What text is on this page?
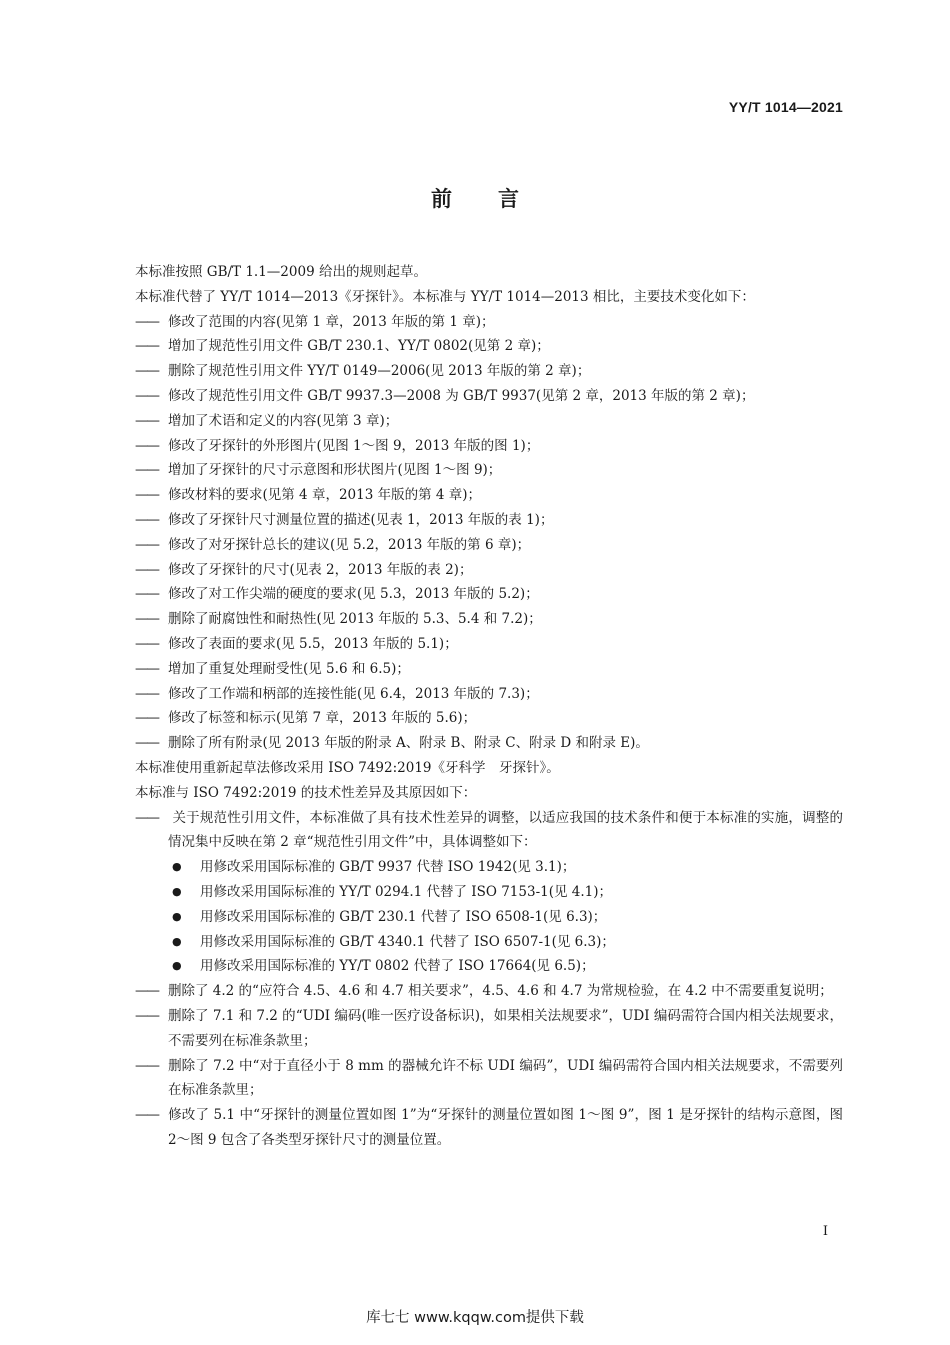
YY/T 1014—2021
前言

本标准按照 GB/T 1.1—2009 给出的规则起草。

本标准代替了 YY/T 1014—2013《牙探针》。本标准与 YY/T 1014—2013 相比，主要技术变化如下：

—— 修改了范围的内容(见第 1 章，2013 年版的第 1 章)；
—— 增加了规范性引用文件 GB/T 230.1、YY/T 0802(见第 2 章)；
—— 删除了规范性引用文件 YY/T 0149—2006(见 2013 年版的第 2 章)；
—— 修改了规范性引用文件 GB/T 9937.3—2008 为 GB/T 9937(见第 2 章，2013 年版的第 2 章)；
—— 增加了术语和定义的内容(见第 3 章)；
—— 修改了牙探针的外形图片(见图 1～图 9，2013 年版的图 1)；
—— 增加了牙探针的尺寸示意图和形状图片(见图 1～图 9)；
—— 修改材料的要求(见第 4 章，2013 年版的第 4 章)；
—— 修改了牙探针尺寸测量位置的描述(见表 1，2013 年版的表 1)；
—— 修改了对牙探针总长的建议(见 5.2，2013 年版的第 6 章)；
—— 修改了牙探针的尺寸(见表 2，2013 年版的表 2)；
—— 修改了对工作尖端的硬度的要求(见 5.3，2013 年版的 5.2)；
—— 删除了耐腐蚀性和耐热性(见 2013 年版的 5.3、5.4 和 7.2)；
—— 修改了表面的要求(见 5.5，2013 年版的 5.1)；
—— 增加了重复处理耐受性(见 5.6 和 6.5)；
—— 修改了工作端和柄部的连接性能(见 6.4，2013 年版的 7.3)；
—— 修改了标签和标示(见第 7 章，2013 年版的 5.6)；
—— 删除了所有附录(见 2013 年版的附录 A、附录 B、附录 C、附录 D 和附录 E)。

本标准使用重新起草法修改采用 ISO 7492:2019《牙科学　牙探针》。

本标准与 ISO 7492:2019 的技术性差异及其原因如下：

—— 关于规范性引用文件，本标准做了具有技术性差异的调整，以适应我国的技术条件和便于本标准的实施，调整的情况集中反映在第 2 章“规范性引用文件”中，具体调整如下：
● 用修改采用国际标准的 GB/T 9937 代替 ISO 1942(见 3.1)；
● 用修改采用国际标准的 YY/T 0294.1 代替了 ISO 7153-1(见 4.1)；
● 用修改采用国际标准的 GB/T 230.1 代替了 ISO 6508-1(见 6.3)；
● 用修改采用国际标准的 GB/T 4340.1 代替了 ISO 6507-1(见 6.3)；
● 用修改采用国际标准的 YY/T 0802 代替了 ISO 17664(见 6.5)；
—— 删除了 4.2 的“应符合 4.5、4.6 和 4.7 相关要求”，4.5、4.6 和 4.7 为常规检验，在 4.2 中不需要重复说明；
—— 删除了 7.1 和 7.2 的“UDI 编码(唯一医疗设备标识)，如果相关法规要求”，UDI 编码需符合国内相关法规要求，不需要列在标准条款里；
—— 删除了 7.2 中“对于直径小于 8 mm 的器械允许不标 UDI 编码”，UDI 编码需符合国内相关法规要求，不需要列在标准条款里；
—— 修改了 5.1 中“牙探针的测量位置如图 1”为“牙探针的测量位置如图 1～图 9”，图 1 是牙探针的结构示意图，图 2～图 9 包含了各类型牙探针尺寸的测量位置。
I
库七七 www.kqqw.com提供下载
